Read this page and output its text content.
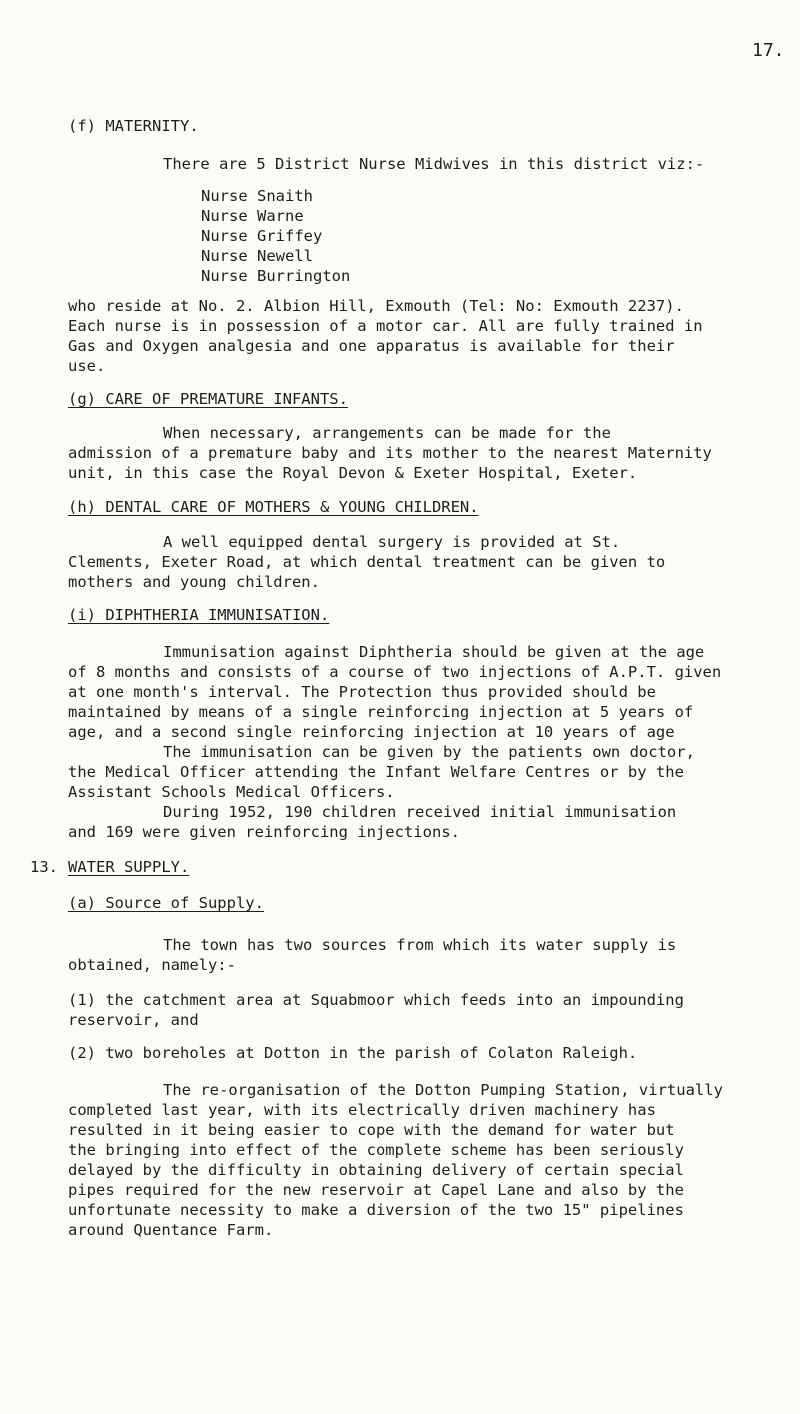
17.
(f) MATERNITY.
There are 5 District Nurse Midwives in this district viz:-
Nurse Snaith
Nurse Warne
Nurse Griffey
Nurse Newell
Nurse Burrington
who reside at No. 2. Albion Hill, Exmouth (Tel: No: Exmouth 2237).
Each nurse is in possession of a motor car. All are fully trained in
Gas and Oxygen analgesia and one apparatus is available for their
use.
(g) CARE OF PREMATURE INFANTS.
When necessary, arrangements can be made for the
admission of a premature baby and its mother to the nearest Maternity
unit, in this case the Royal Devon & Exeter Hospital, Exeter.
(h) DENTAL CARE OF MOTHERS & YOUNG CHILDREN.
A well equipped dental surgery is provided at St.
Clements, Exeter Road, at which dental treatment can be given to
mothers and young children.
(i) DIPHTHERIA IMMUNISATION.
Immunisation against Diphtheria should be given at the age
of 8 months and consists of a course of two injections of A.P.T. given
at one month's interval. The Protection thus provided should be
maintained by means of a single reinforcing injection at 5 years of
age, and a second single reinforcing injection at 10 years of age
The immunisation can be given by the patients own doctor,
the Medical Officer attending the Infant Welfare Centres or by the
Assistant Schools Medical Officers.
During 1952, 190 children received initial immunisation
and 169 were given reinforcing injections.
13. WATER SUPPLY.
(a) Source of Supply.
The town has two sources from which its water supply is
obtained, namely:-
(1) the catchment area at Squabmoor which feeds into an impounding
reservoir, and
(2) two boreholes at Dotton in the parish of Colaton Raleigh.
The re-organisation of the Dotton Pumping Station, virtually
completed last year, with its electrically driven machinery has
resulted in it being easier to cope with the demand for water but
the bringing into effect of the complete scheme has been seriously
delayed by the difficulty in obtaining delivery of certain special
pipes required for the new reservoir at Capel Lane and also by the
unfortunate necessity to make a diversion of the two 15" pipelines
around Quentance Farm.
